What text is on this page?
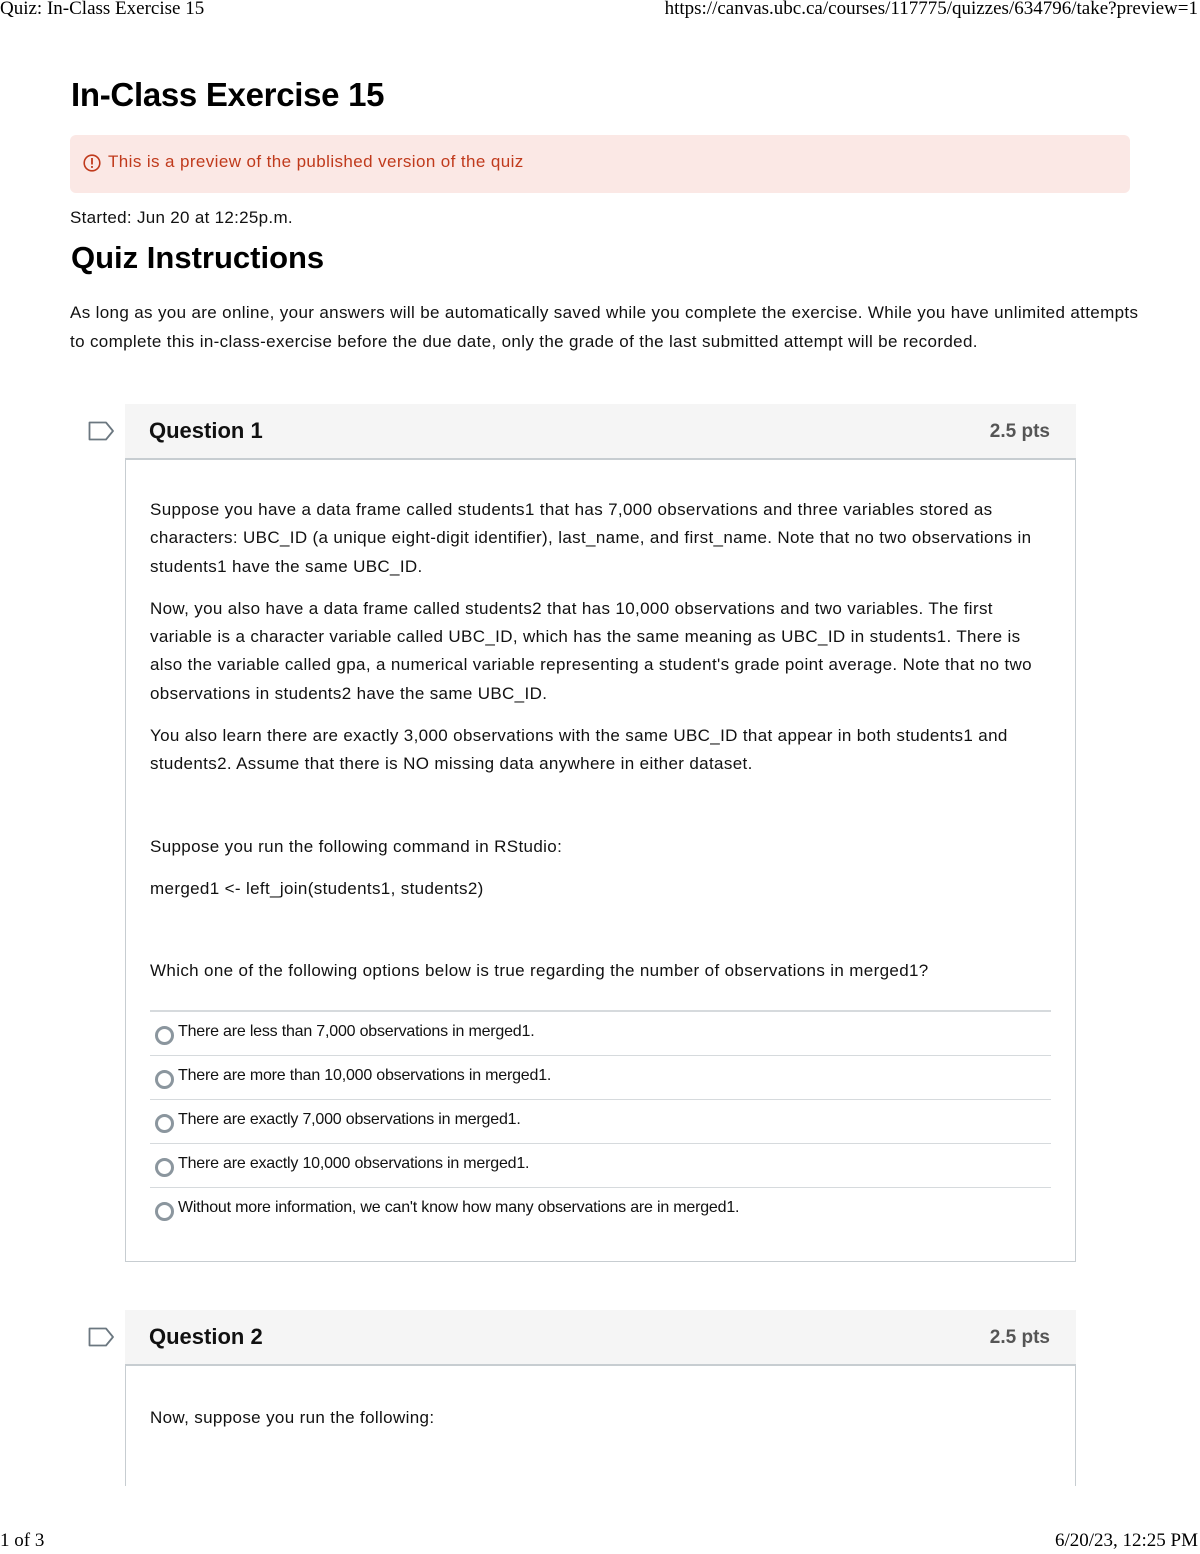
Quiz: In-Class Exercise 15	https://canvas.ubc.ca/courses/117775/quizzes/634796/take?preview=1
In-Class Exercise 15
This is a preview of the published version of the quiz
Started: Jun 20 at 12:25p.m.
Quiz Instructions

As long as you are online, your answers will be automatically saved while you complete the exercise. While you have unlimited attempts to complete this in-class-exercise before the due date, only the grade of the last submitted attempt will be recorded.

Question 1	2.5 pts

Suppose you have a data frame called students1 that has 7,000 observations and three variables stored as characters: UBC_ID (a unique eight-digit identifier), last_name, and first_name. Note that no two observations in students1 have the same UBC_ID.

Now, you also have a data frame called students2 that has 10,000 observations and two variables. The first variable is a character variable called UBC_ID, which has the same meaning as UBC_ID in students1. There is also the variable called gpa, a numerical variable representing a student's grade point average. Note that no two observations in students2 have the same UBC_ID.

You also learn there are exactly 3,000 observations with the same UBC_ID that appear in both students1 and students2. Assume that there is NO missing data anywhere in either dataset.

Suppose you run the following command in RStudio:

merged1 <- left_join(students1, students2)

Which one of the following options below is true regarding the number of observations in merged1?

There are less than 7,000 observations in merged1.
There are more than 10,000 observations in merged1.
There are exactly 7,000 observations in merged1.
There are exactly 10,000 observations in merged1.
Without more information, we can't know how many observations are in merged1.
Question 2	2.5 pts

Now, suppose you run the following:

1 of 3	6/20/23, 12:25 PM
